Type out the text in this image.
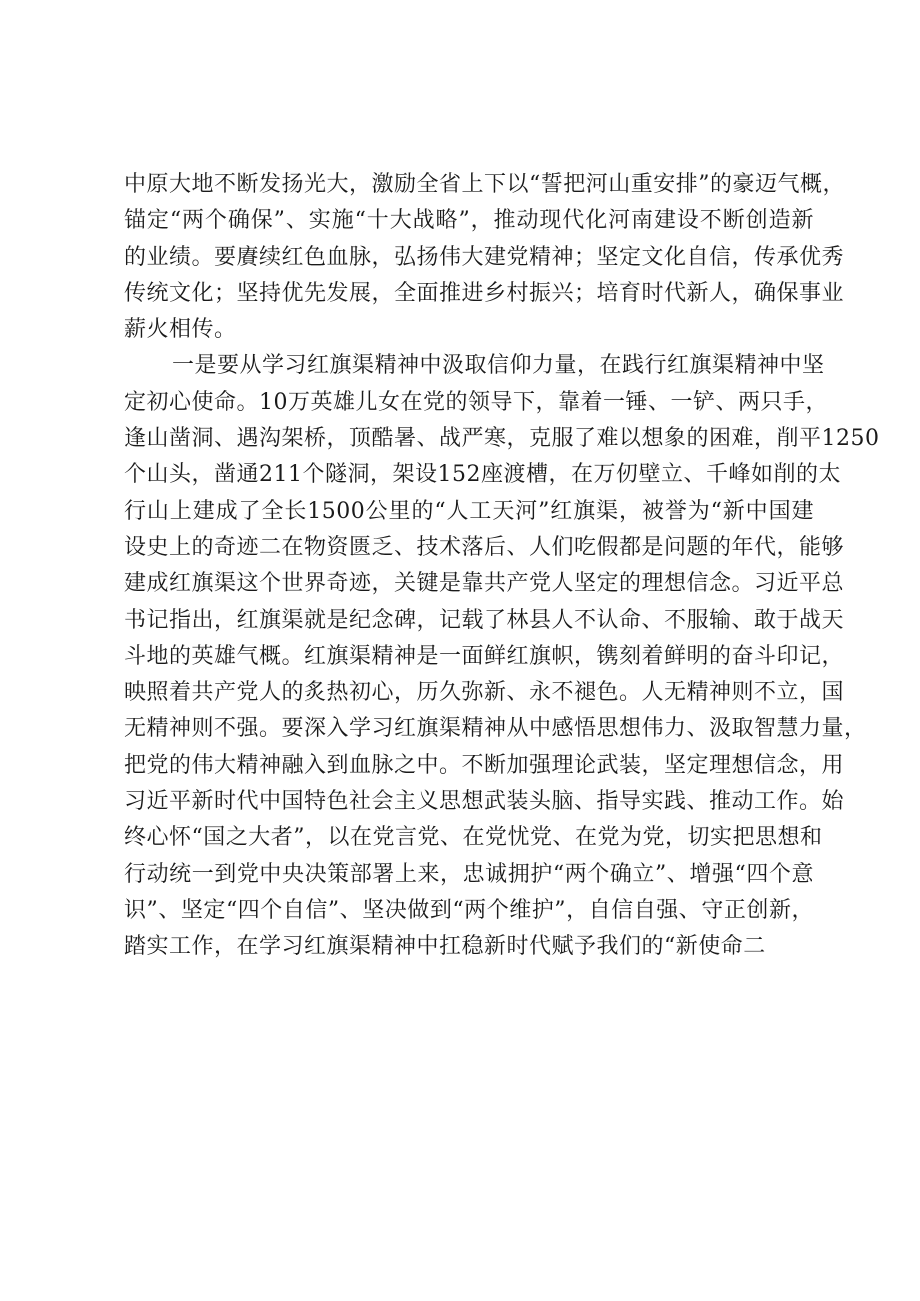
中原大地不断发扬光大，激励全省上下以“誓把河山重安排”的豪迈气概，
锚定“两个确保”、实施“十大战略”，推动现代化河南建设不断创造新
的业绩。要賡续红色血脉，弘扬伟大建党精神；坚定文化自信，传承优秀
传统文化；坚持优先发展，全面推进乡村振兴；培育时代新人，确保事业
薪火相传。
一是要从学习红旗渠精神中汲取信仰力量，在践行红旗渠精神中坚
定初心使命。10万英雄儿女在党的领导下，靠着一锤、一铲、两只手，
逢山凿洞、遇沟架桥，顶酷暑、战严寒，克服了难以想象的困难，削平1250
个山头，凿通211个隧洞，架设152座渡槽，在万仞壁立、千峰如削的太
行山上建成了全长1500公里的“人工天河”红旗渠，被誉为“新中国建
设史上的奇迹二在物资匮乏、技术落后、人们吃假都是问题的年代，能够
建成红旗渠这个世界奇迹，关键是靠共产党人坚定的理想信念。习近平总
书记指出，红旗渠就是纪念碑，记载了林县人不认命、不服输、敢于战天
斗地的英雄气概。红旗渠精神是一面鲜红旗帜，镌刻着鲜明的奋斗印记，
映照着共产党人的炙热初心，历久弥新、永不褪色。人无精神则不立，国
无精神则不强。要深入学习红旗渠精神从中感悟思想伟力、汲取智慧力量，
把党的伟大精神融入到血脉之中。不断加强理论武装，坚定理想信念，用
习近平新时代中国特色社会主义思想武装头脑、指导实践、推动工作。始
终心怀“国之大者”，以在党言党、在党忧党、在党为党，切实把思想和
行动统一到党中央决策部署上来，忠诚拥护“两个确立”、增强“四个意
识”、坚定“四个自信”、坚决做到“两个维护”，自信自强、守正创新，
踏实工作，在学习红旗渠精神中扛稳新时代赋予我们的“新使命二
